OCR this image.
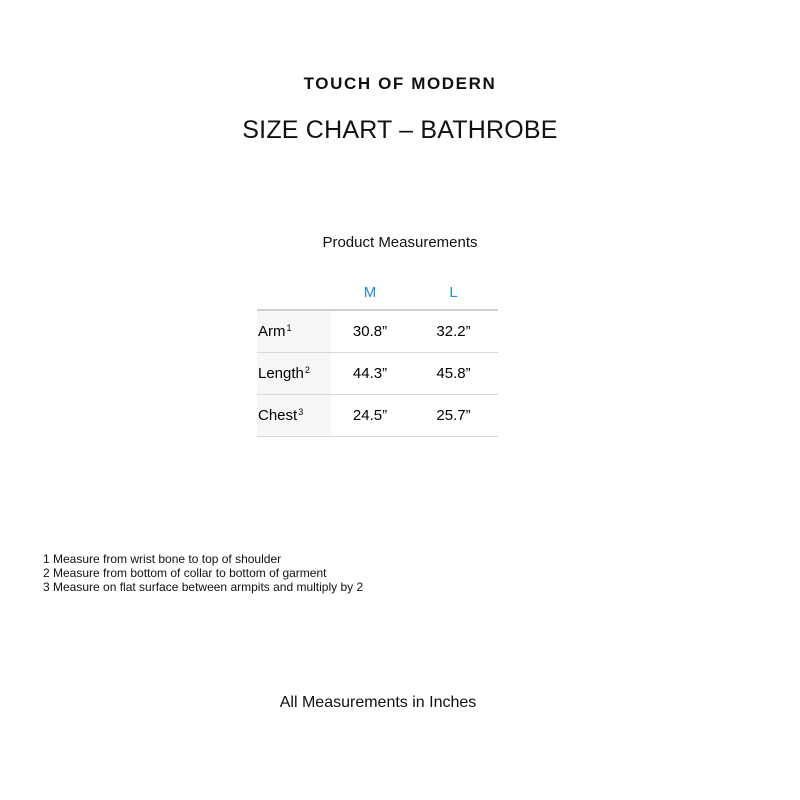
TOUCH OF MODERN
SIZE CHART – BATHROBE
Product Measurements
	M	L
Arm$^1$	30.8”	32.2”
Length$^2$	44.3”	45.8”
Chest$^3$	24.5”	25.7”
1 Measure from wrist bone to top of shoulder
2 Measure from bottom of collar to bottom of garment
3 Measure on flat surface between armpits and multiply by 2
All Measurements in Inches
